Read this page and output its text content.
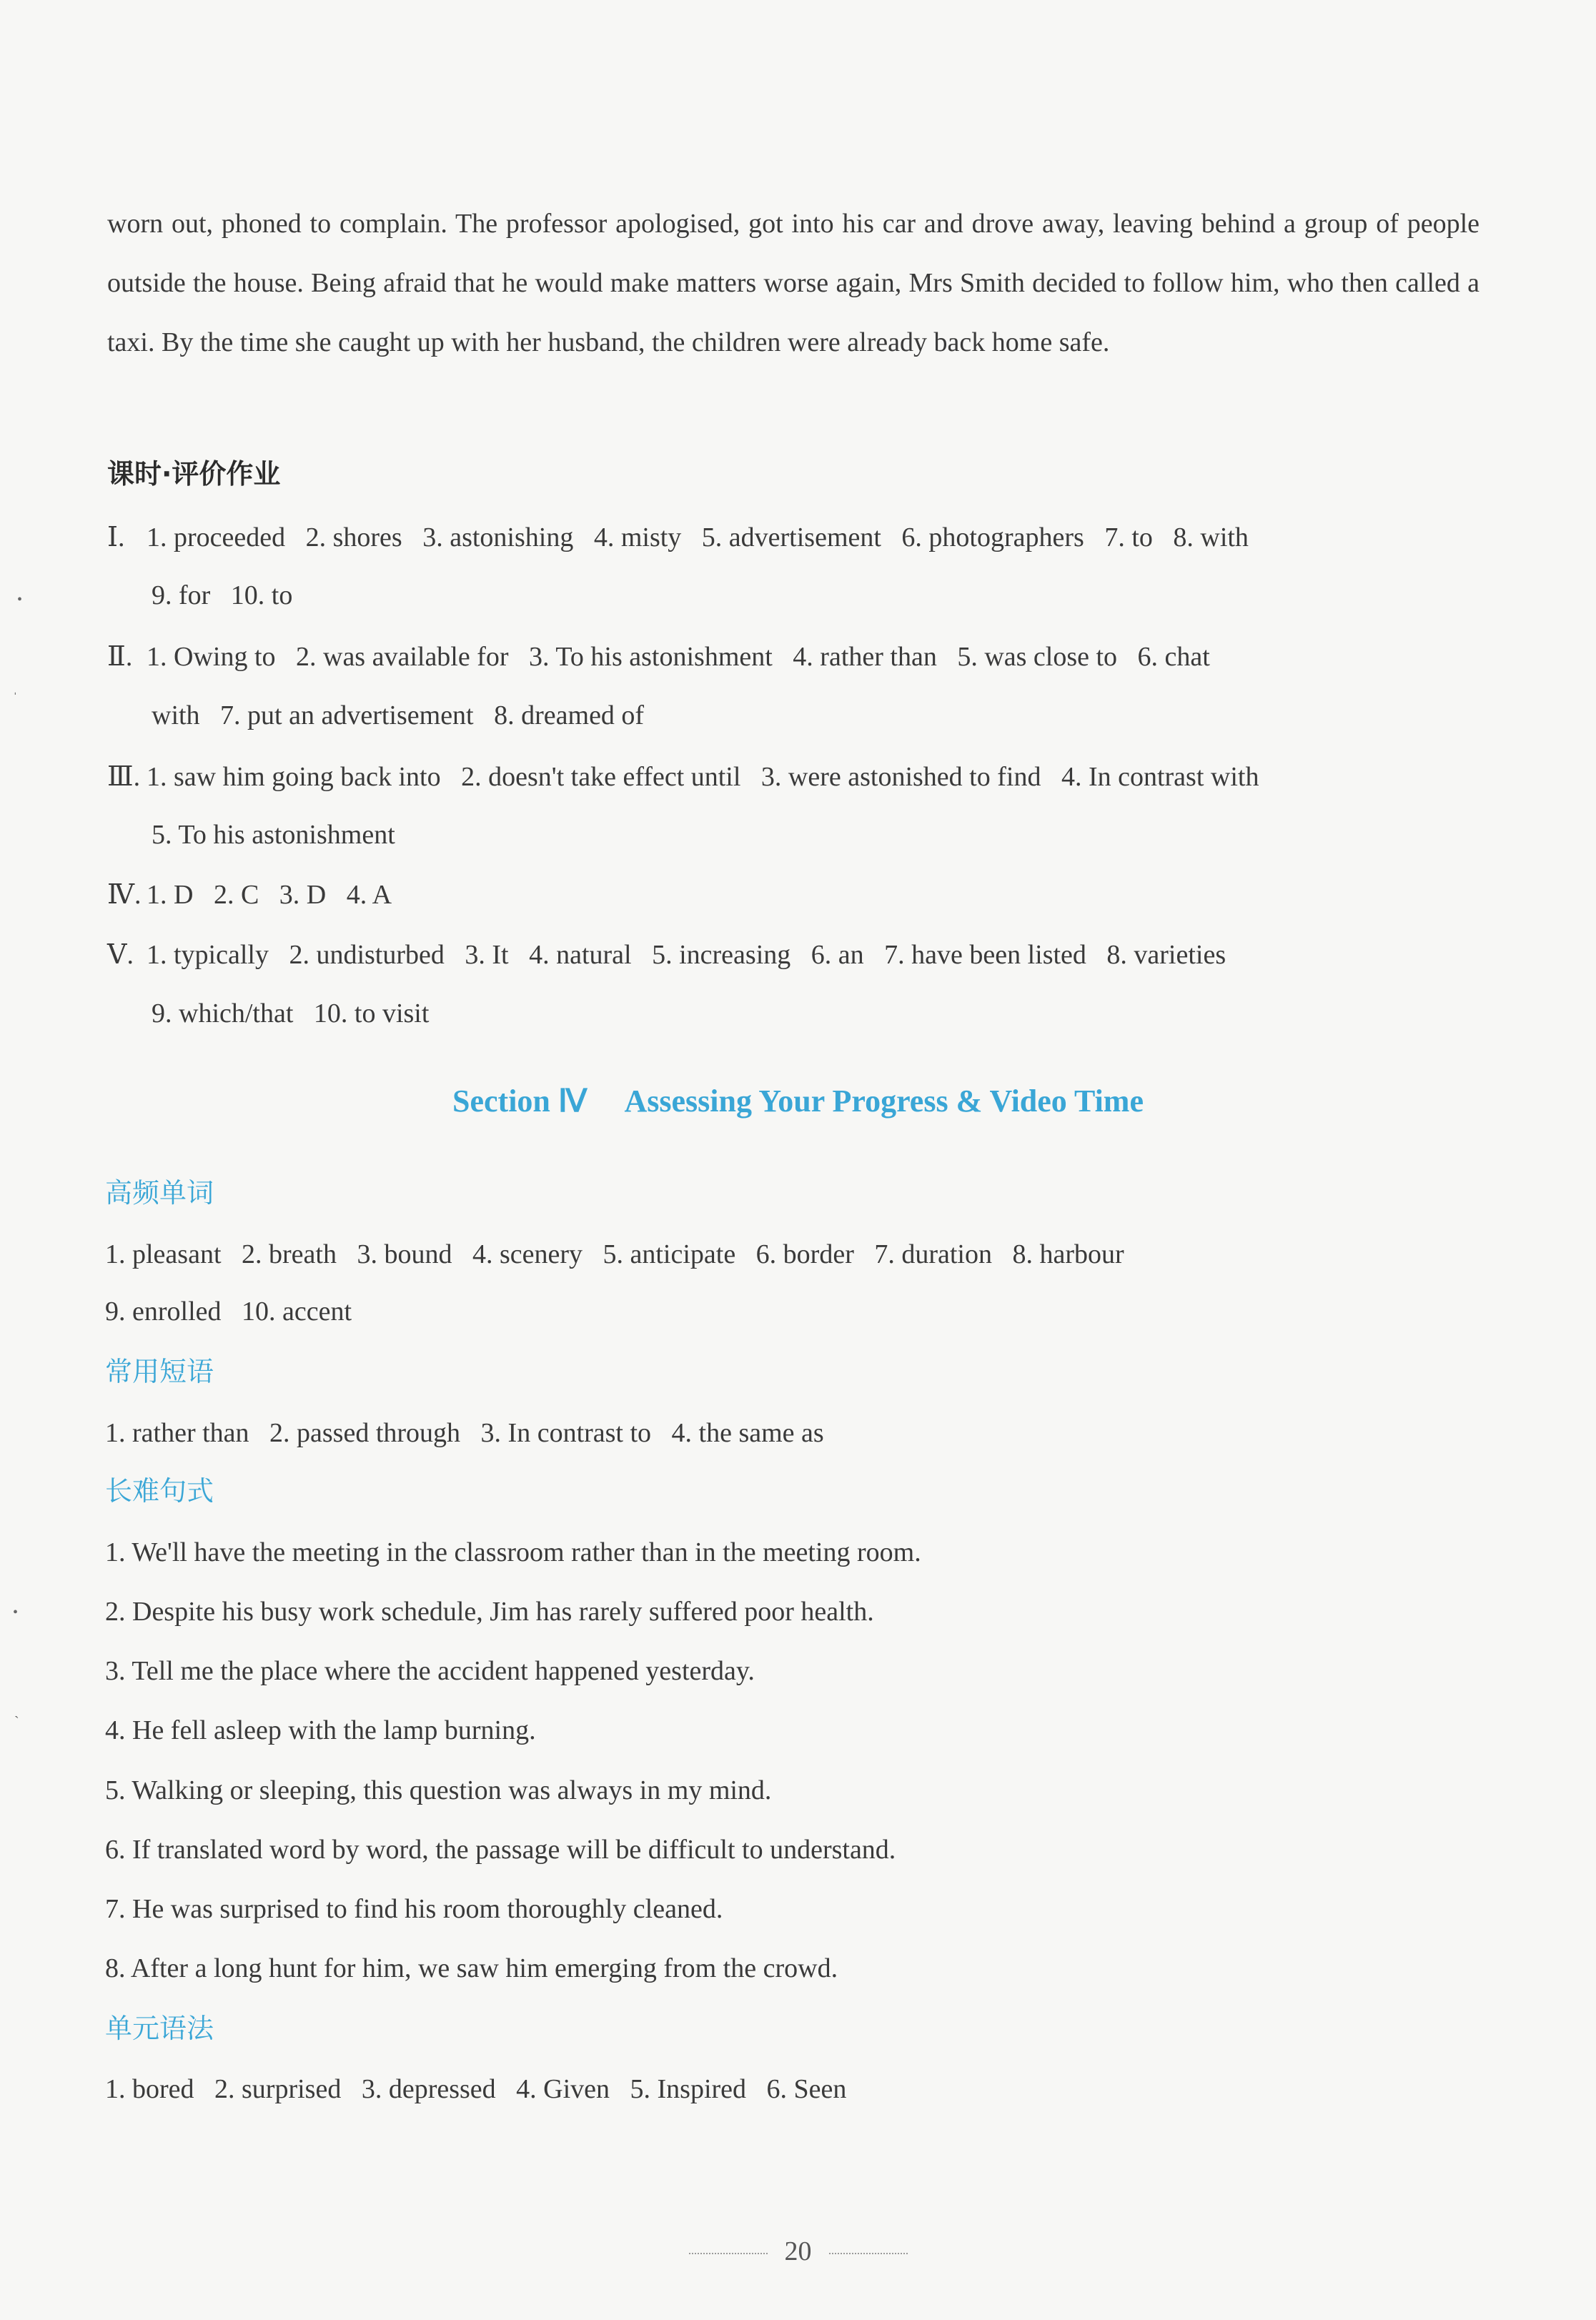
worn out, phoned to complain. The professor apologised, got into his car and drove away, leaving behind a group of people outside the house. Being afraid that he would make matters worse again, Mrs Smith decided to follow him, who then called a taxi. By the time she caught up with her husband, the children were already back home safe.
课时·评价作业
Ⅰ. 1. proceeded   2. shores   3. astonishing   4. misty   5. advertisement   6. photographers   7. to   8. with
9. for   10. to
Ⅱ. 1. Owing to   2. was available for   3. To his astonishment   4. rather than   5. was close to   6. chat
with   7. put an advertisement   8. dreamed of
Ⅲ. 1. saw him going back into   2. doesn't take effect until   3. were astonished to find   4. In contrast with
5. To his astonishment
Ⅳ. 1. D   2. C   3. D   4. A
Ⅴ. 1. typically   2. undisturbed   3. It   4. natural   5. increasing   6. an   7. have been listed   8. varieties
9. which/that   10. to visit
Section Ⅳ Assessing Your Progress & Video Time
高频单词
1. pleasant   2. breath   3. bound   4. scenery   5. anticipate   6. border   7. duration   8. harbour
9. enrolled   10. accent
常用短语
1. rather than   2. passed through   3. In contrast to   4. the same as
长难句式
1. We'll have the meeting in the classroom rather than in the meeting room.
2. Despite his busy work schedule, Jim has rarely suffered poor health.
3. Tell me the place where the accident happened yesterday.
4. He fell asleep with the lamp burning.
5. Walking or sleeping, this question was always in my mind.
6. If translated word by word, the passage will be difficult to understand.
7. He was surprised to find his room thoroughly cleaned.
8. After a long hunt for him, we saw him emerging from the crowd.
单元语法
1. bored   2. surprised   3. depressed   4. Given   5. Inspired   6. Seen
20
•
ˈ
•
ˋ
